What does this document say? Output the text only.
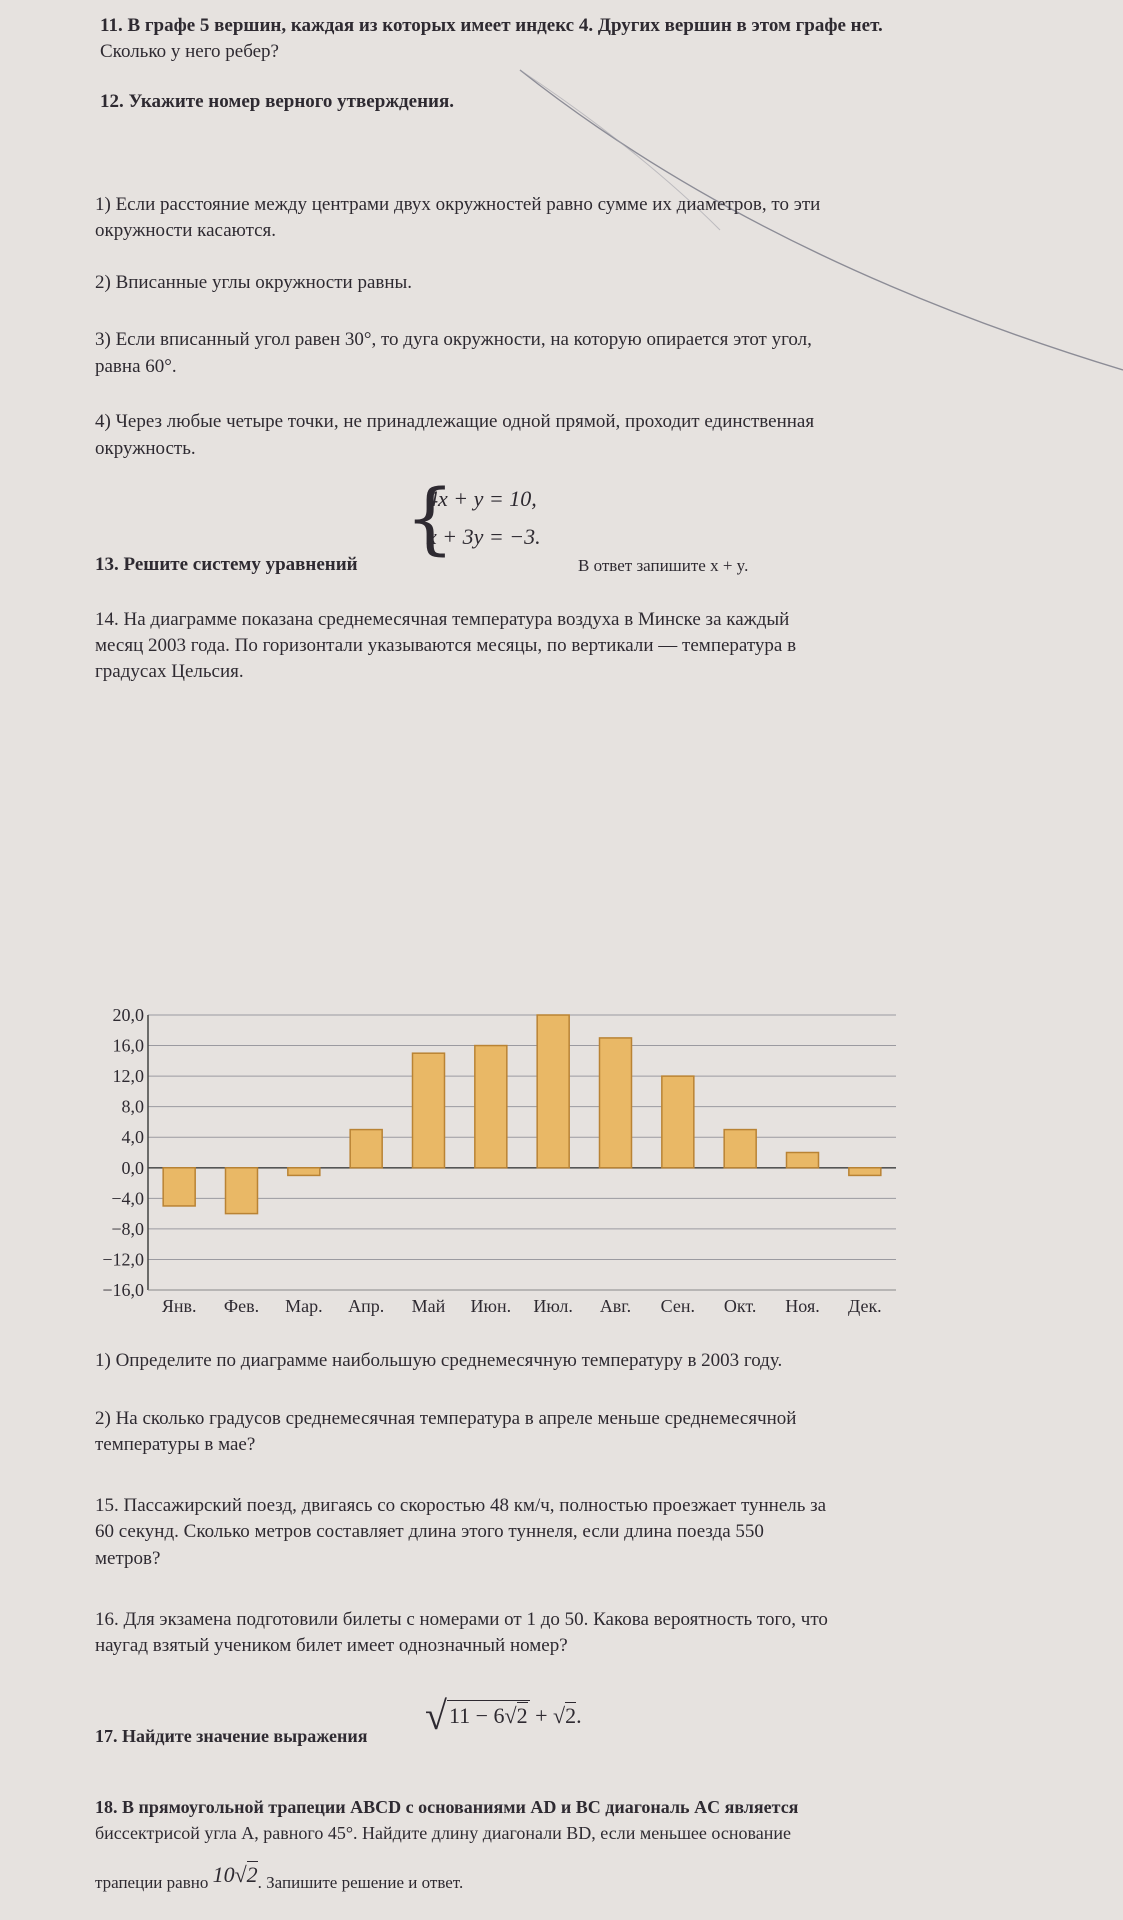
11. В графе 5 вершин, каждая из которых имеет индекс 4. Других вершин в этом графе нет.

Сколько у него ребер?

12. Укажите номер верного утверждения.

1) Если расстояние между центрами двух окружностей равно сумме их диаметров, то эти

окружности касаются.

2) Вписанные углы окружности равны.

3) Если вписанный угол равен 30°, то дуга окружности, на которую опирается этот угол,

равна 60°.

4) Через любые четыре точки, не принадлежащие одной прямой, проходит единственная

окружность.

13. Решите систему уравнений

{
4x + y = 10,
x + 3y = −3.

В ответ запишите x + y.

14. На диаграмме показана среднемесячная температура воздуха в Минске за каждый

месяц 2003 года. По горизонтали указываются месяцы, по вертикали — температура в

градусах Цельсия.

20,0
16,0
12,0
8,0
4,0
0,0
−4,0
−8,0
−12,0
−16,0
Янв. Фев. Мар. Апр. Май Июн. Июл. Авг. Сен. Окт. Ноя. Дек.

1) Определите по диаграмме наибольшую среднемесячную температуру в 2003 году.

2) На сколько градусов среднемесячная температура в апреле меньше среднемесячной

температуры в мае?

15. Пассажирский поезд, двигаясь со скоростью 48 км/ч, полностью проезжает туннель за

60 секунд. Сколько метров составляет длина этого туннеля, если длина поезда 550

метров?

16. Для экзамена подготовили билеты с номерами от 1 до 50. Какова вероятность того, что

наугад взятый учеником билет имеет однозначный номер?

17. Найдите значение выражения √11 − 6√2 + √2.

18. В прямоугольной трапеции ABCD с основаниями AD и BC диагональ AC является

биссектрисой угла A, равного 45°. Найдите длину диагонали BD, если меньшее основание

трапеции равно 10√2. Запишите решение и ответ.
